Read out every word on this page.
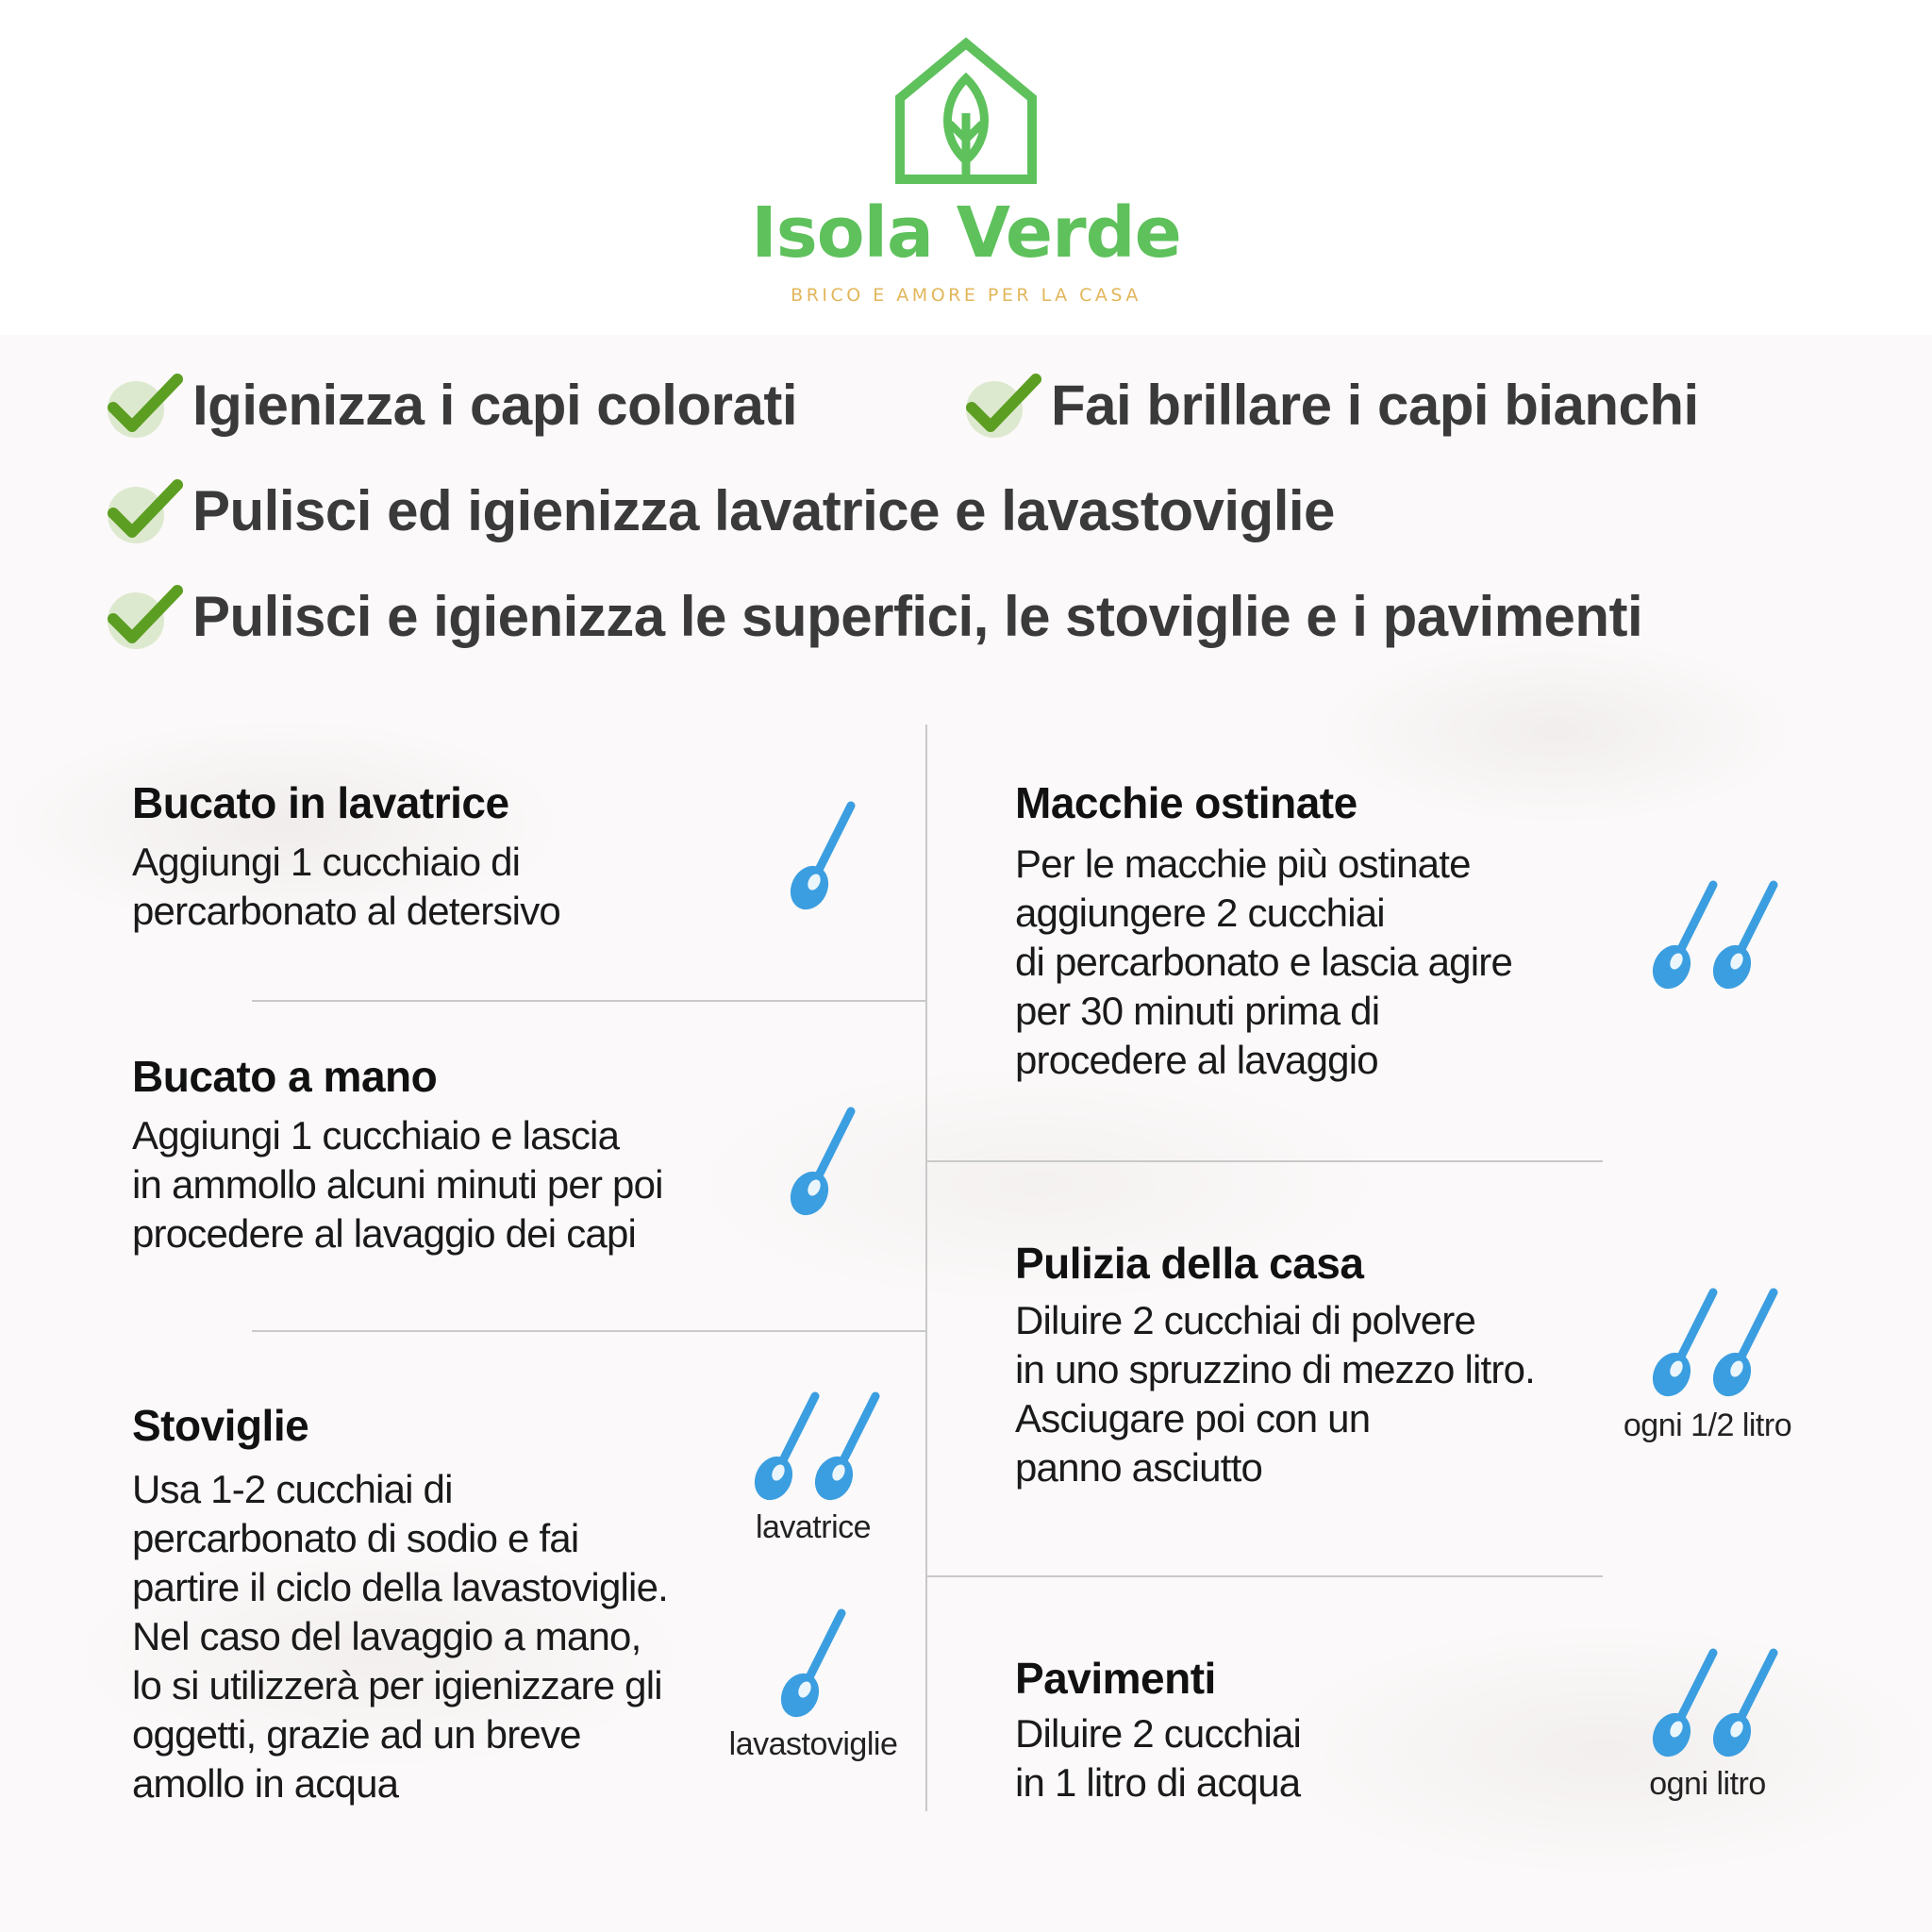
Isola Verde
BRICO E AMORE PER LA CASA
Igienizza i capi colorati	Fai brillare i capi bianchi
Pulisci ed igienizza lavatrice e lavastoviglie
Pulisci e igienizza le superfici, le stoviglie e i pavimenti
Bucato in lavatrice
Aggiungi 1 cucchiaio di
percarbonato al detersivo
Bucato a mano
Aggiungi 1 cucchiaio e lascia
in ammollo alcuni minuti per poi
procedere al lavaggio dei capi
Stoviglie
Usa 1-2 cucchiai di
percarbonato di sodio e fai
partire il ciclo della lavastoviglie.
Nel caso del lavaggio a mano,
lo si utilizzerà per igienizzare gli
oggetti, grazie ad un breve
amollo in acqua
lavatrice
lavastoviglie
Macchie ostinate
Per le macchie più ostinate
aggiungere 2 cucchiai
di percarbonato e lascia agire
per 30 minuti prima di
procedere al lavaggio
Pulizia della casa
Diluire 2 cucchiai di polvere
in uno spruzzino di mezzo litro.
Asciugare poi con un
panno asciutto
ogni 1/2 litro
Pavimenti
Diluire 2 cucchiai
in 1 litro di acqua	ogni litro
